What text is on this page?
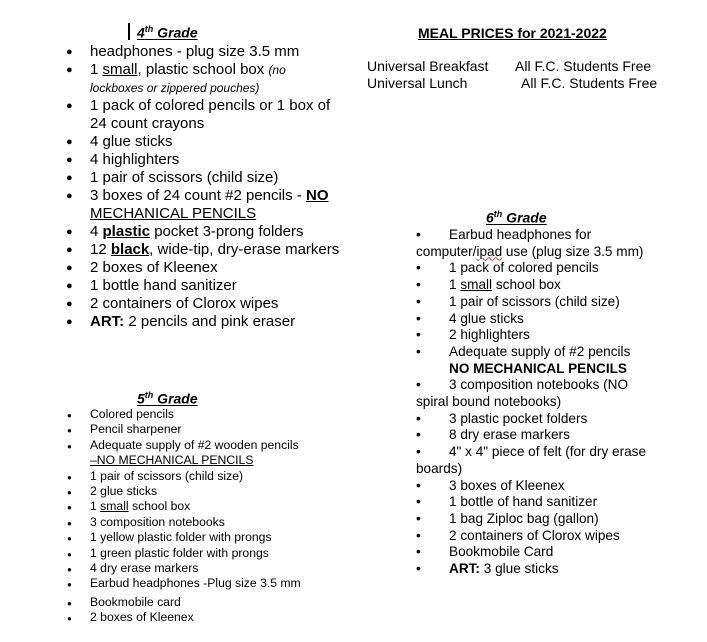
4th Grade
● headphones - plug size 3.5 mm
● 1 small, plastic school box (no lockboxes or zippered pouches)
● 1 pack of colored pencils or 1 box of 24 count crayons
● 4 glue sticks
● 4 highlighters
● 1 pair of scissors (child size)
● 3 boxes of 24 count #2 pencils - NO MECHANICAL PENCILS
● 4 plastic pocket 3-prong folders
● 12 black, wide-tip, dry-erase markers
● 2 boxes of Kleenex
● 1 bottle hand sanitizer
● 2 containers of Clorox wipes
● ART: 2 pencils and pink eraser
5th Grade
● Colored pencils
● Pencil sharpener
● Adequate supply of #2 wooden pencils
–NO MECHANICAL PENCILS
● 1 pair of scissors (child size)
● 2 glue sticks
● 1 small school box
● 3 composition notebooks
● 1 yellow plastic folder with prongs
● 1 green plastic folder with prongs
● 4 dry erase markers
● Earbud headphones -Plug size 3.5 mm
● Bookmobile card
● 2 boxes of Kleenex
MEAL PRICES for 2021-2022
Universal Breakfast All F.C. Students Free
Universal Lunch	All F.C. Students Free
6th Grade
•Earbud headphones for
computer/ipad use (plug size 3.5 mm)
•1 pack of colored pencils
•1 small school box
•1 pair of scissors (child size)
•4 glue sticks
•2 highlighters
•Adequate supply of #2 pencils
NO MECHANICAL PENCILS
•3 composition notebooks (NO
spiral bound notebooks)
•3 plastic pocket folders
•8 dry erase markers
•4" x 4" piece of felt (for dry erase
boards)
•3 boxes of Kleenex
•1 bottle of hand sanitizer
•1 bag Ziploc bag (gallon)
•2 containers of Clorox wipes
•Bookmobile Card
•ART: 3 glue sticks
